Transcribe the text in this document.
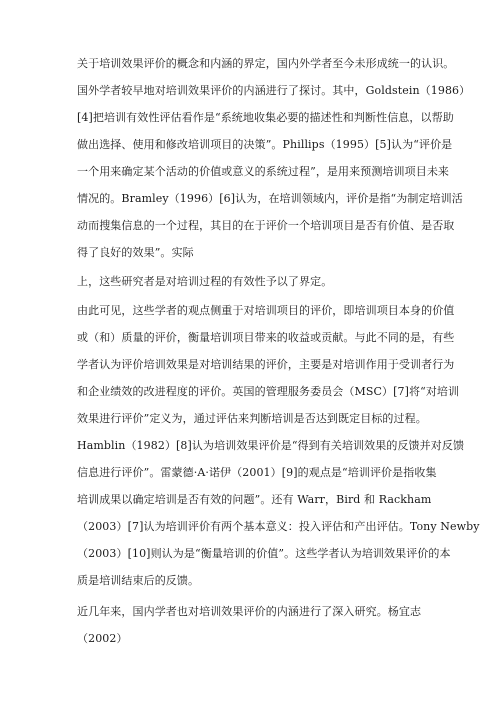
关于培训效果评价的概念和内涵的界定，国内外学者至今未形成统一的认识。
国外学者较早地对培训效果评价的内涵进行了探讨。其中，Goldstein（1986）
[4]把培训有效性评估看作是“系统地收集必要的描述性和判断性信息，以帮助
做出选择、使用和修改培训项目的决策”。Phillips（1995）[5]认为“评价是
一个用来确定某个活动的价值或意义的系统过程”，是用来预测培训项目未来
情况的。Bramley（1996）[6]认为，在培训领域内，评价是指“为制定培训活
动而搜集信息的一个过程，其目的在于评价一个培训项目是否有价值、是否取
得了良好的效果”。实际
上，这些研究者是对培训过程的有效性予以了界定。
由此可见，这些学者的观点侧重于对培训项目的评价，即培训项目本身的价值
或（和）质量的评价，衡量培训项目带来的收益或贡献。与此不同的是，有些
学者认为评价培训效果是对培训结果的评价，主要是对培训作用于受训者行为
和企业绩效的改进程度的评价。英国的管理服务委员会（MSC）[7]将“对培训
效果进行评价”定义为，通过评估来判断培训是否达到既定目标的过程。
Hamblin（1982）[8]认为培训效果评价是“得到有关培训效果的反馈并对反馈
信息进行评价”。雷蒙德·A·诺伊（2001）[9]的观点是“培训评价是指收集
培训成果以确定培训是否有效的问题”。还有 Warr，Bird 和 Rackham
（2003）[7]认为培训评价有两个基本意义：投入评估和产出评估。Tony Newby
（2003）[10]则认为是“衡量培训的价值”。这些学者认为培训效果评价的本
质是培训结束后的反馈。
近几年来，国内学者也对培训效果评价的内涵进行了深入研究。杨宜志
（2002）
